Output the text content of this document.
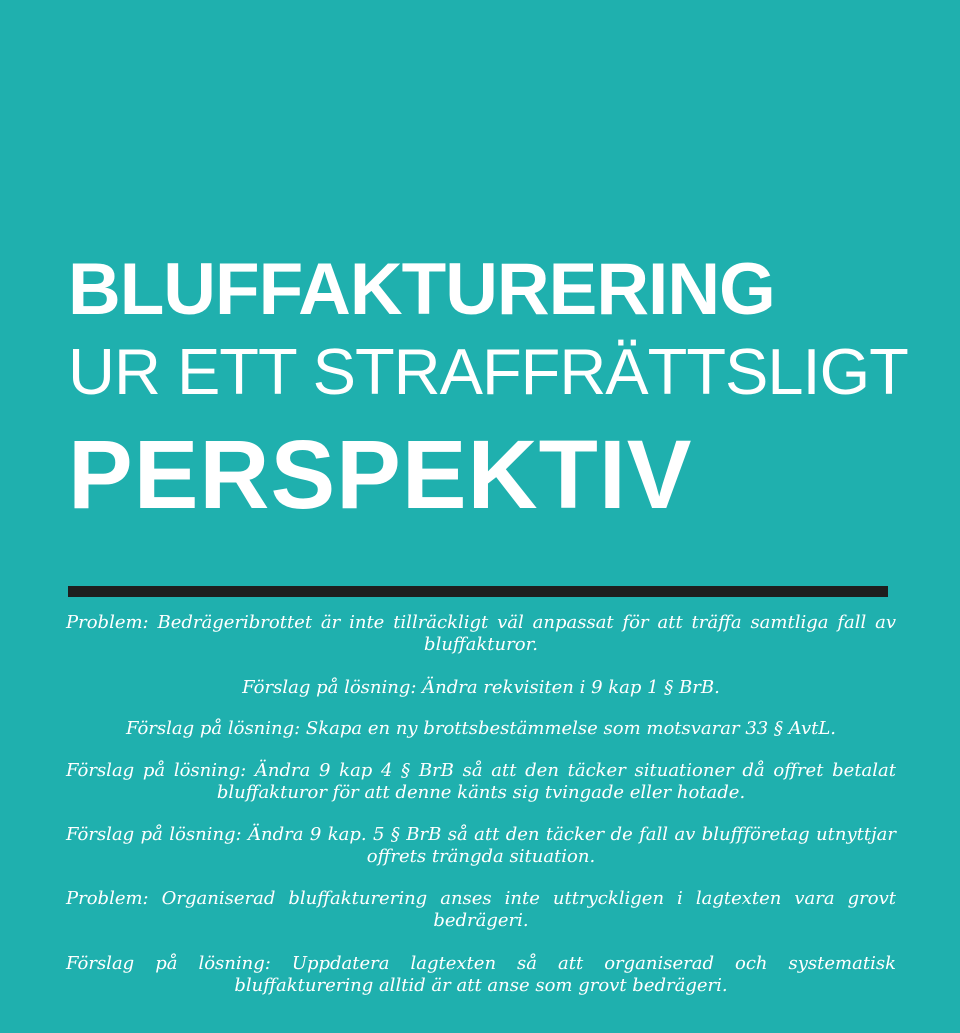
BLUFFAKTURERING
UR ETT STRAFFRÄTTSLIGT
PERSPEKTIV

Problem: Bedrägeribrottet är inte tillräckligt väl anpassat för att träffa samtliga fall av bluffakturor.

Förslag på lösning: Ändra rekvisiten i 9 kap 1 § BrB.

Förslag på lösning: Skapa en ny brottsbestämmelse som motsvarar 33 § AvtL.

Förslag på lösning: Ändra 9 kap 4 § BrB så att den täcker situationer då offret betalat bluffakturor för att denne känts sig tvingade eller hotade.

Förslag på lösning: Ändra 9 kap. 5 § BrB så att den täcker de fall av bluffföretag utnyttjar offrets trängda situation.

Problem: Organiserad bluffakturering anses inte uttryckligen i lagtexten vara grovt bedrägeri.

Förslag på lösning: Uppdatera lagtexten så att organiserad och systematisk bluffakturering alltid är att anse som grovt bedrägeri.
